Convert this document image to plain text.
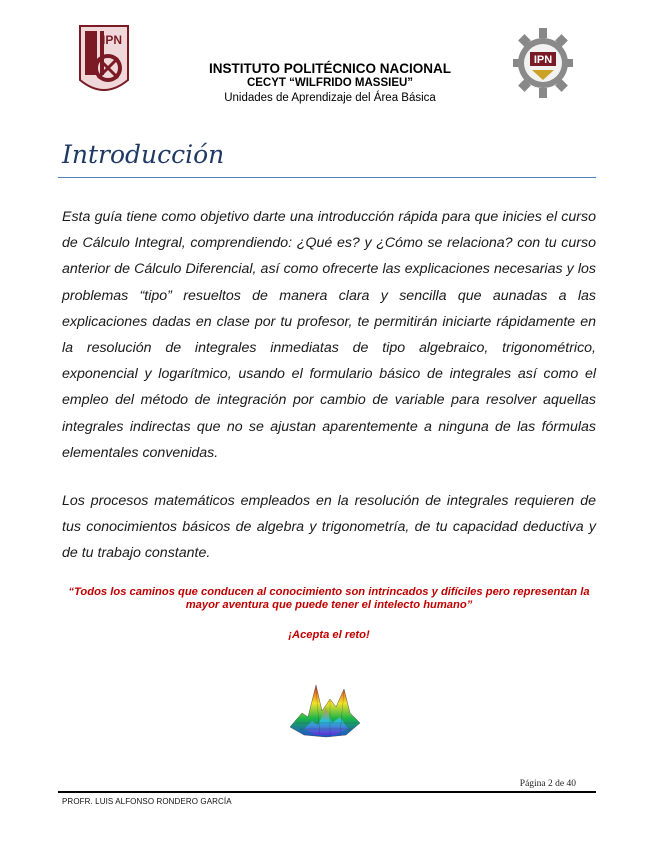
IPN
INSTITUTO POLITÉCNICO NACIONAL
CECYT “WILFRIDO MASSIEU”
Unidades de Aprendizaje del Área Básica
IPN
Introducción
Esta guía tiene como objetivo darte una introducción rápida para que inicies el curso de Cálculo Integral, comprendiendo: ¿Qué es? y ¿Cómo se relaciona? con tu curso anterior de Cálculo Diferencial, así como ofrecerte las explicaciones necesarias y los problemas “tipo” resueltos de manera clara y sencilla que aunadas a las explicaciones dadas en clase por tu profesor, te permitirán iniciarte rápidamente en la resolución de integrales inmediatas de tipo algebraico, trigonométrico, exponencial y logarítmico, usando el formulario básico de integrales así como el empleo del método de integración por cambio de variable para resolver aquellas integrales indirectas que no se ajustan aparentemente a ninguna de las fórmulas elementales convenidas.
Los procesos matemáticos empleados en la resolución de integrales requieren de tus conocimientos básicos de algebra y trigonometría, de tu capacidad deductiva y de tu trabajo constante.
“Todos los caminos que conducen al conocimiento son intrincados y difíciles pero representan la mayor aventura que puede tener el intelecto humano”
¡Acepta el reto!
Página 2 de 40
PROFR. LUIS ALFONSO RONDERO GARCÍA
